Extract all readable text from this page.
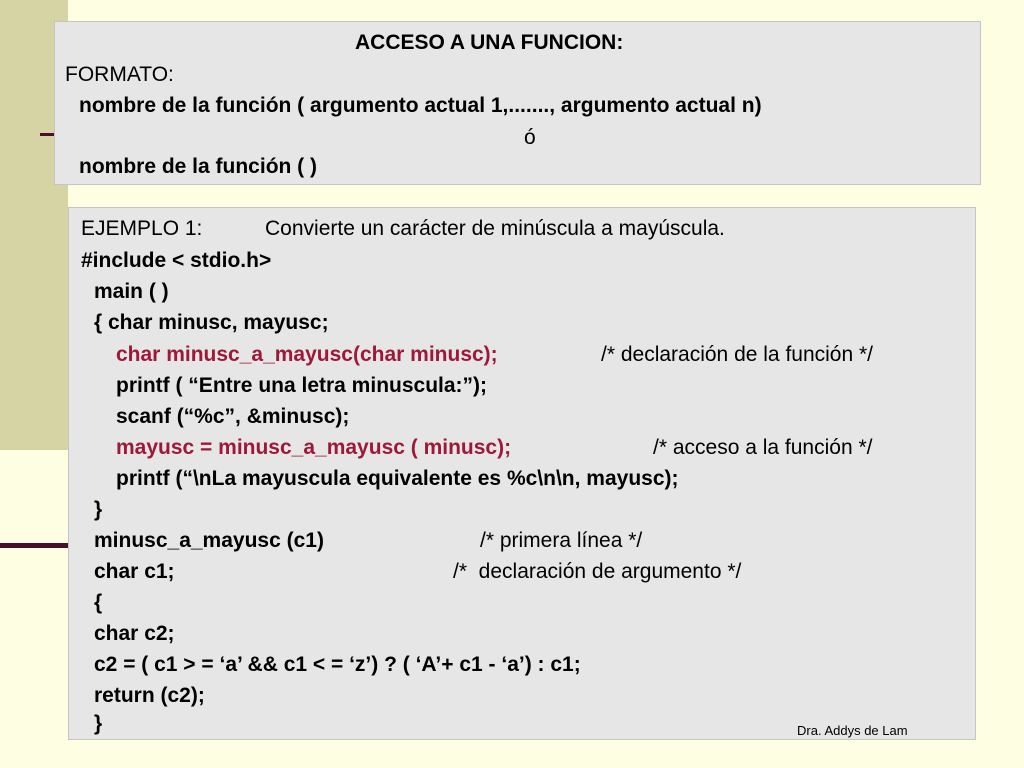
ACCESO A UNA FUNCION:
FORMATO:
nombre de la función ( argumento actual 1,......., argumento actual n)
ó
nombre de la función ( )
EJEMPLO 1:	Convierte un carácter de minúscula a mayúscula.
#include < stdio.h>
main ( )
{ char minusc, mayusc;
char minusc_a_mayusc(char minusc);	/* declaración de la función */
printf ( “Entre una letra minuscula:”);
scanf (“%c”, &minusc);
mayusc = minusc_a_mayusc ( minusc);	/* acceso a la función */
printf (“\nLa mayuscula equivalente es %c\n\n, mayusc);
}
minusc_a_mayusc (c1)	/* primera línea */
char c1;	/*  declaración de argumento */
{
char c2;
c2 = ( c1 > = ‘a’ && c1 < = ‘z’) ? ( ‘A’+ c1 - ‘a’) : c1;
return (c2);
}	Dra. Addys de Lam
